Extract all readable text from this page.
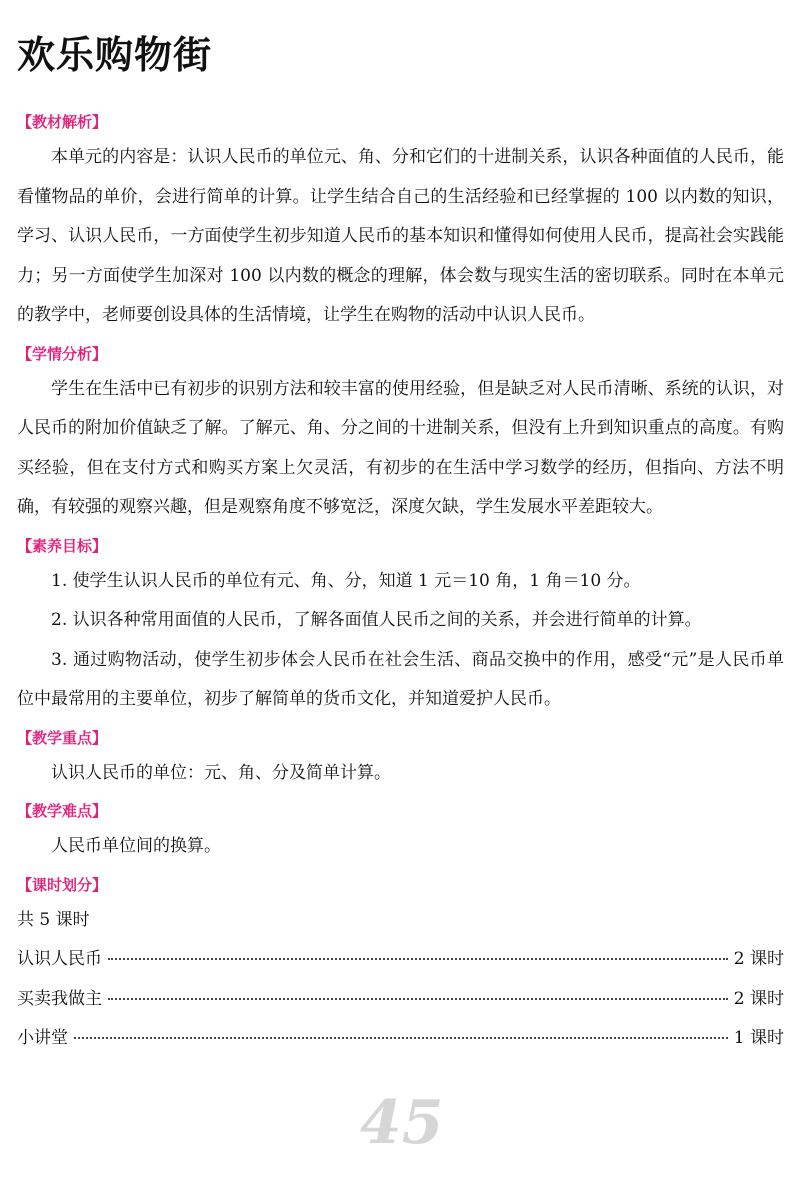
欢乐购物街
【教材解析】

本单元的内容是：认识人民币的单位元、角、分和它们的十进制关系，认识各种面值的人民币，能看懂物品的单价，会进行简单的计算。让学生结合自己的生活经验和已经掌握的 100 以内数的知识，学习、认识人民币，一方面使学生初步知道人民币的基本知识和懂得如何使用人民币，提高社会实践能力；另一方面使学生加深对 100 以内数的概念的理解，体会数与现实生活的密切联系。同时在本单元的教学中，老师要创设具体的生活情境，让学生在购物的活动中认识人民币。

【学情分析】

学生在生活中已有初步的识别方法和较丰富的使用经验，但是缺乏对人民币清晰、系统的认识，对人民币的附加价值缺乏了解。了解元、角、分之间的十进制关系，但没有上升到知识重点的高度。有购买经验，但在支付方式和购买方案上欠灵活，有初步的在生活中学习数学的经历，但指向、方法不明确，有较强的观察兴趣，但是观察角度不够宽泛，深度欠缺，学生发展水平差距较大。

【素养目标】

1. 使学生认识人民币的单位有元、角、分，知道 1 元＝10 角，1 角＝10 分。

2. 认识各种常用面值的人民币，了解各面值人民币之间的关系，并会进行简单的计算。

3. 通过购物活动，使学生初步体会人民币在社会生活、商品交换中的作用，感受“元”是人民币单位中最常用的主要单位，初步了解简单的货币文化，并知道爱护人民币。

【教学重点】

认识人民币的单位：元、角、分及简单计算。

【教学难点】

人民币单位间的换算。

【课时划分】

共 5 课时

认识人民币	2 课时
买卖我做主	2 课时
小讲堂	1 课时
45
